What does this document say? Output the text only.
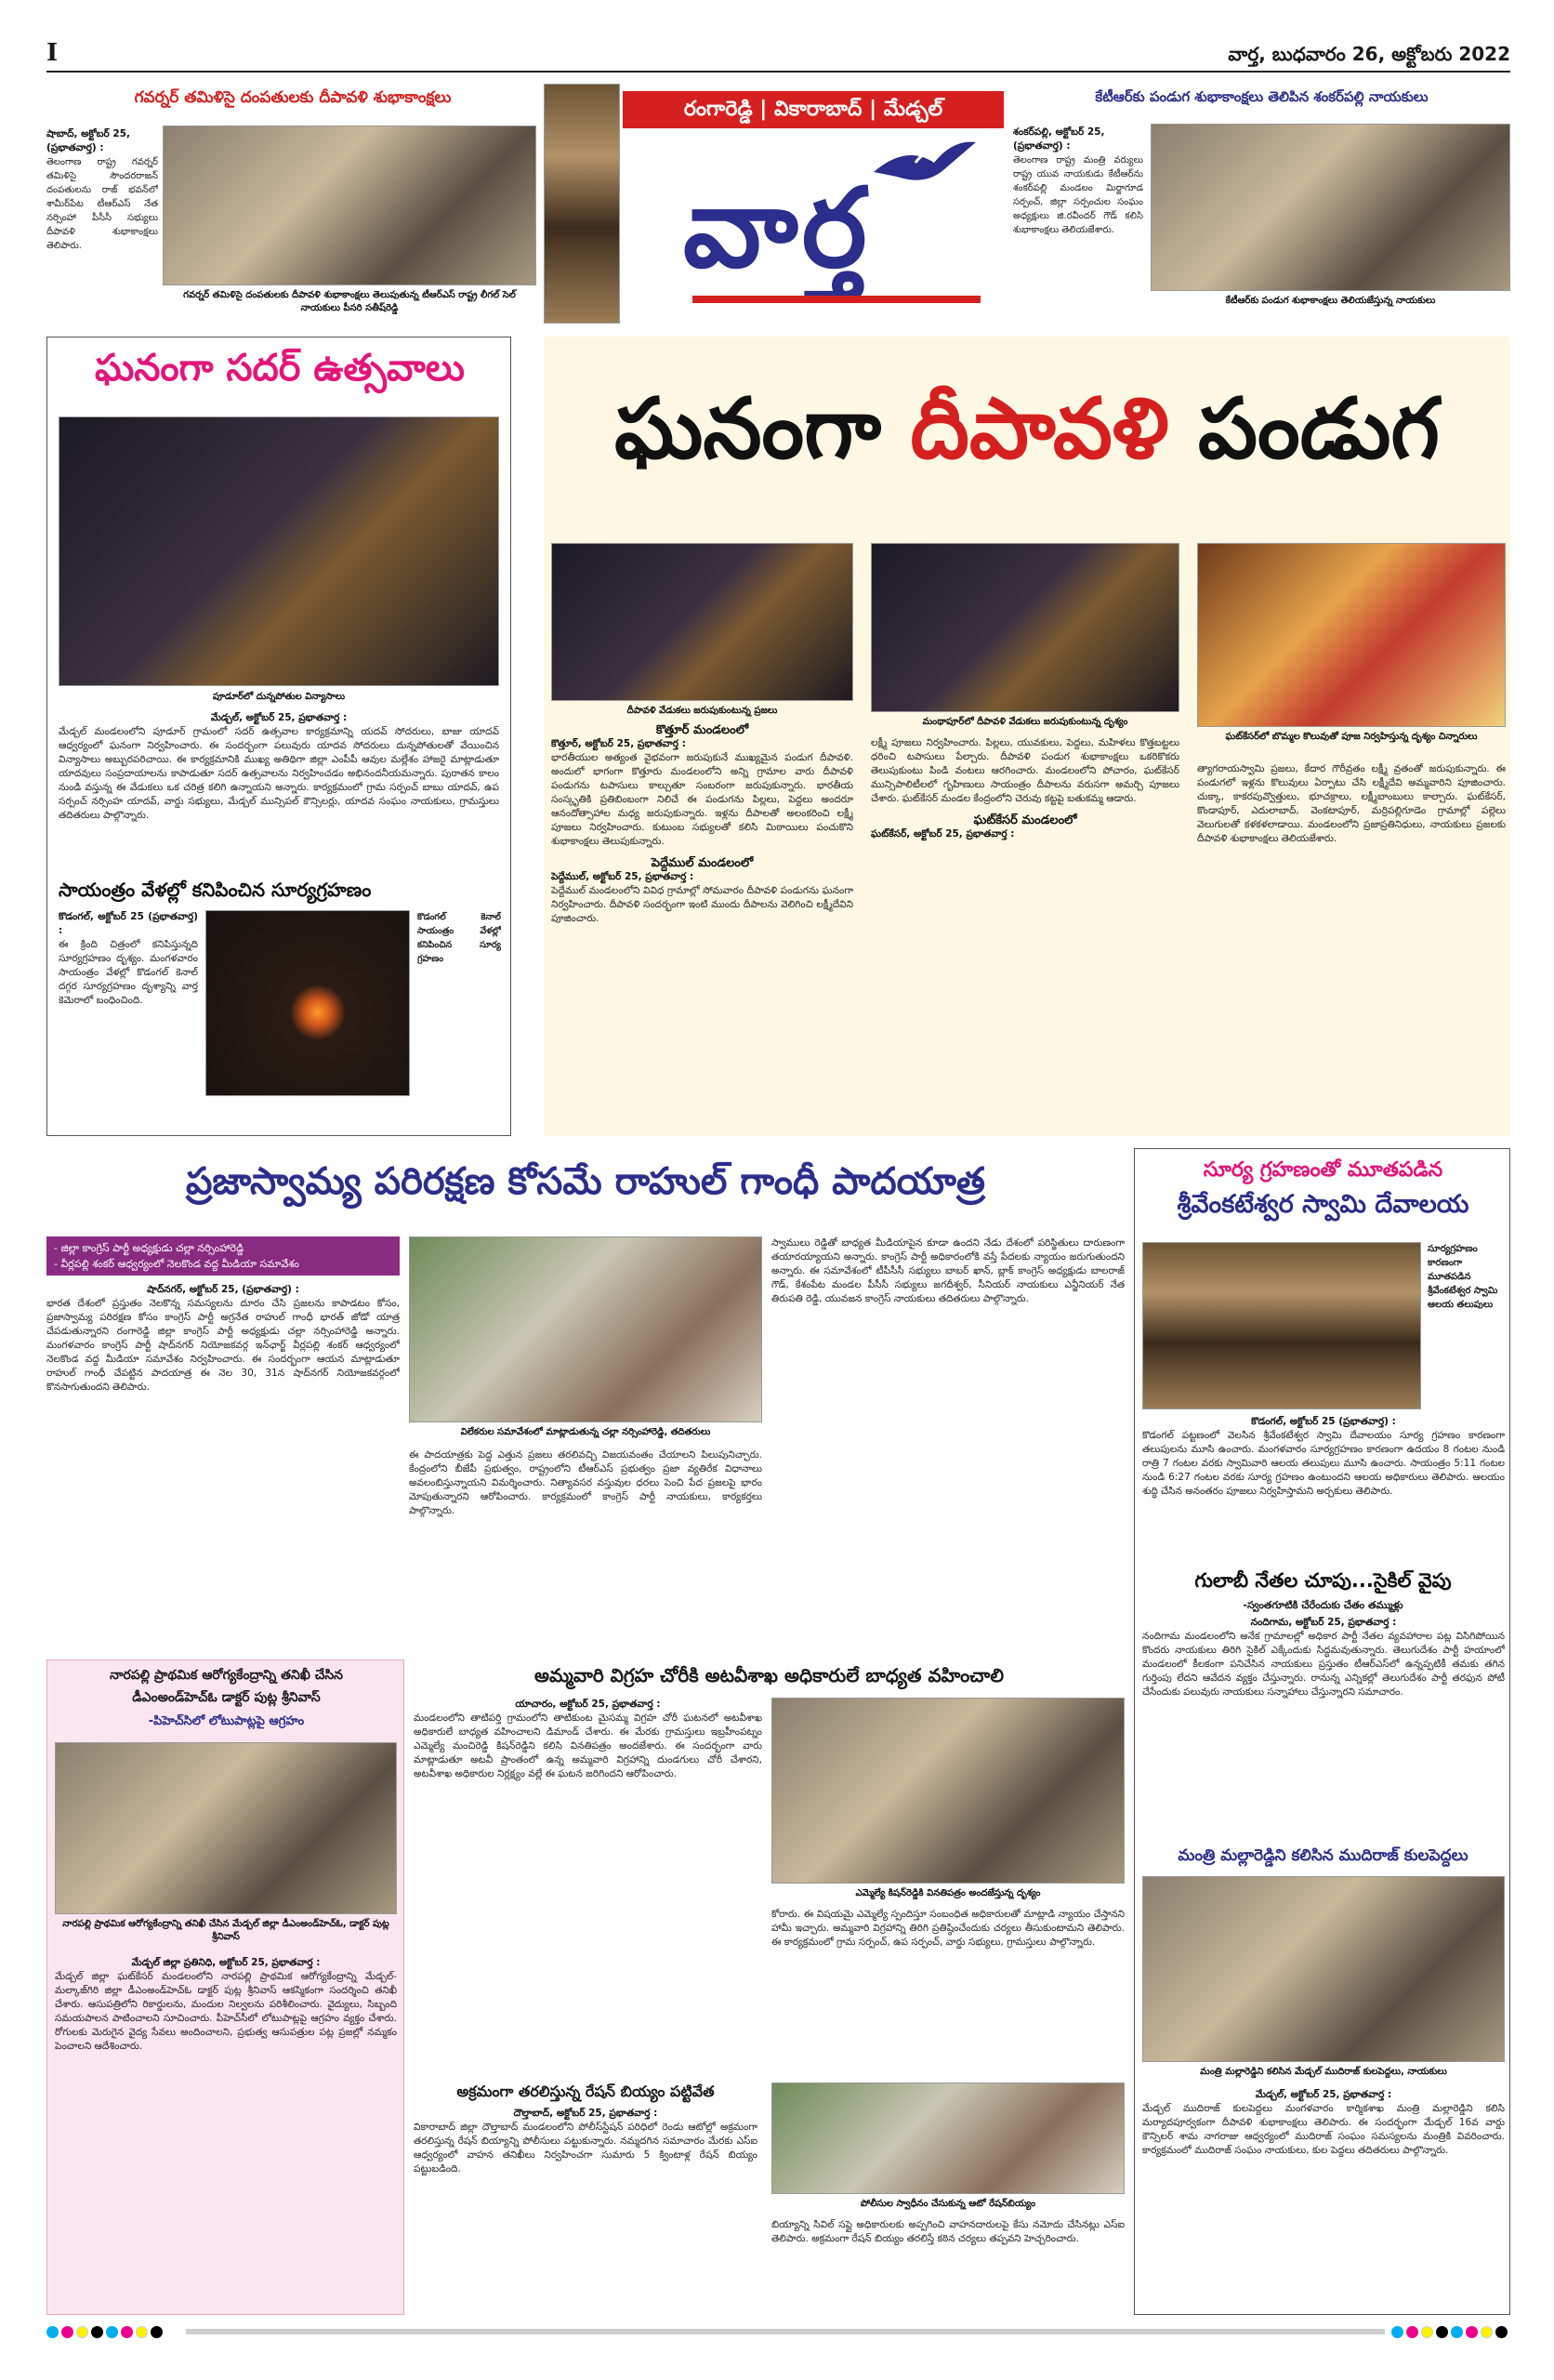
I	వార్త, బుధవారం 26, అక్టోబరు 2022
గవర్నర్ తమిళిసై దంపతులకు దీపావళి శుభాకాంక్షలు
షాబాద్, అక్టోబర్ 25,
(ప్రభాతవార్త) :

తెలంగాణ రాష్ట్ర గవర్నర్ తమిళిసై సౌందరరాజన్ దంపతులను రాజ్ భవన్‌లో శామీర్‌పేట టీఆర్ఎస్ నేత నర్సింహా పీసీసీ సభ్యులు దీపావళి శుభాకాంక్షలు తెలిపారు.

గవర్నర్ తమిళిసై దంపతులకు దీపావళి శుభాకాంక్షలు తెలుపుతున్న టీఆర్ఎస్ రాష్ట్ర లీగల్ సెల్ నాయకులు పీసరి సతీష్‌రెడ్డి
రంగారెడ్డి | వికారాబాద్ | మేడ్చల్
వార్త
కేటీఆర్‌కు పండుగ శుభాకాంక్షలు తెలిపిన శంకర్‌పల్లి నాయకులు
శంకర్‌పల్లి, అక్టోబర్ 25,
(ప్రభాతవార్త) :

తెలంగాణ రాష్ట్ర మంత్రి వర్యులు రాష్ట్ర యువ నాయకుడు కేటీఆర్‌ను శంకర్‌పల్లి మండలం మిర్జాగూడ సర్పంచ్, జిల్లా సర్పంచుల సంఘం అధ్యక్షులు జి.రవీందర్ గౌడ్ కలిసి శుభాకాంక్షలు తెలియజేశారు.

కేటీఆర్‌కు పండుగ శుభాకాంక్షలు తెలియజేస్తున్న నాయకులు
ఘనంగా సదర్ ఉత్సవాలు
పూడూర్‌లో దున్నపోతుల విన్యాసాలు
మేడ్చల్, అక్టోబర్ 25, ప్రభాతవార్త :

మేడ్చల్ మండలంలోని పూడూర్ గ్రామంలో సదర్ ఉత్సవాల కార్యక్రమాన్ని యదవ్ సోదరులు, బాజు యాదవ్ ఆధ్వర్యంలో ఘనంగా నిర్వహించారు. ఈ సందర్భంగా పలువురు యాదవ సోదరులు దున్నపోతులతో వేయించిన విన్యాసాలు అబ్బురపరిచాయి. ఈ కార్యక్రమానికి ముఖ్య అతిథిగా జిల్లా ఎంపీపీ ఆవుల మల్లేశం హాజరై మాట్లాడుతూ యాదవులు సంప్రదాయాలను కాపాడుతూ సదర్ ఉత్సవాలను నిర్వహించడం అభినందనీయమన్నారు. పురాతన కాలం నుండి వస్తున్న ఈ వేడుకలు ఒక చరిత్ర కలిగి ఉన్నాయని అన్నారు. కార్యక్రమంలో గ్రామ సర్పంచ్ బాబు యాదవ్, ఉప సర్పంచ్ నర్సింహ యాదవ్, వార్డు సభ్యులు, మేడ్చల్ మున్సిపల్ కౌన్సిలర్లు, యాదవ సంఘం నాయకులు, గ్రామస్తులు తదితరులు పాల్గొన్నారు.

సాయంత్రం వేళల్లో కనిపించిన సూర్యగ్రహణం
కొడంగల్, అక్టోబర్ 25 (ప్రభాతవార్త) :

ఈ క్రింది చిత్రంలో కనిపిస్తున్నది సూర్యగ్రహణం దృశ్యం. మంగళవారం సాయంత్రం వేళల్లో కొడంగల్ కెనాల్ దగ్గర సూర్యగ్రహణం దృశ్యాన్ని వార్త కెమెరాలో బంధించింది.

కొడంగల్ కెనాల్ సాయంత్రం వేళల్లో కనిపించిన సూర్య గ్రహణం
ఘనంగా దీపావళి పండుగ
దీపావళి వేడుకలు జరుపుకుంటున్న ప్రజలు
మంథాపూర్‌లో దీపావళి వేడుకలు జరుపుకుంటున్న దృశ్యం
ఘట్‌కేసర్‌లో బొమ్మల కొలువుతో పూజ నిర్వహిస్తున్న దృశ్యం చిన్నారులు
కొత్తూర్ మండలంలో
కొత్తూర్, అక్టోబర్ 25, ప్రభాతవార్త :

భారతీయుల అత్యంత వైభవంగా జరుపుకునే ముఖ్యమైన పండుగ దీపావళి. అందులో భాగంగా కొత్తూరు మండలంలోని అన్ని గ్రామాల వారు దీపావళి పండుగను టపాసులు కాల్చుతూ సంబరంగా జరుపుకున్నారు. భారతీయ సంస్కృతికి ప్రతిబింబంగా నిలిచే ఈ పండుగను పిల్లలు, పెద్దలు అందరూ ఆనందోత్సాహాల మధ్య జరుపుకున్నారు. ఇళ్లను దీపాలతో అలంకరించి లక్ష్మీ పూజలు నిర్వహించారు. కుటుంబ సభ్యులతో కలిసి మిఠాయిలు పంచుకొని శుభాకాంక్షలు తెలుపుకున్నారు.

పెద్దేముల్ మండలంలో
పెద్దేముల్, అక్టోబర్ 25, ప్రభాతవార్త :

పెద్దేముల్ మండలంలోని వివిధ గ్రామాల్లో సోమవారం దీపావళి పండుగను ఘనంగా నిర్వహించారు. దీపావళి సందర్భంగా ఇంటి ముందు దీపాలను వెలిగించి లక్ష్మీదేవిని పూజించారు.

లక్ష్మీ పూజలు నిర్వహించారు. పిల్లలు, యువకులు, పెద్దలు, మహిళలు కొత్తబట్టలు ధరించి టపాసులు పేల్చారు. దీపావళి పండుగ శుభాకాంక్షలు ఒకరికొకరు తెలుపుకుంటు పిండి వంటలు ఆరగించారు. మండలంలోని పోచారం, ఘట్‌కేసర్ మున్సిపాలిటీలలో గృహిణులు సాయంత్రం దీపాలను వరుసగా అమర్చి పూజలు చేశారు. ఘట్‌కేసర్ మండల కేంద్రంలోని చెరువు కట్టపై బతుకమ్మ ఆడారు.

ఘట్‌కేసర్ మండలంలో
ఘట్‌కేసర్, అక్టోబర్ 25, ప్రభాతవార్త :

త్యాగరాయస్వామి ప్రజలు, కేదార గౌరీవ్రతం లక్ష్మీ వ్రతంతో జరుపుకున్నారు. ఈ పండుగలో ఇళ్లను కొలువులు ఏర్పాటు చేసి లక్ష్మీదేవి అమ్మవారిని పూజించారు. చుక్కా, కాకరపువ్వొత్తులు, భూచక్రాలు, లక్ష్మీబాంబులు కాల్చారు. ఘట్‌కేసర్, కొండాపూర్, ఎదులాబాద్, వెంకటాపూర్, మర్రిపల్లిగూడెం గ్రామాల్లో పల్లెలు వెలుగులతో కళకళలాడాయి. మండలంలోని ప్రజాప్రతినిధులు, నాయకులు ప్రజలకు దీపావళి శుభాకాంక్షలు తెలియజేశారు.

ప్రజాస్వామ్య పరిరక్షణ కోసమే రాహుల్ గాంధీ పాదయాత్ర
- జిల్లా కాంగ్రెస్ పార్టీ అధ్యక్షుడు చల్లా నర్సింహారెడ్డి
- వీర్లపల్లి శంకర్ ఆధ్వర్యంలో నెలకొండ వద్ద మీడియా సమావేశం
షాద్‌నగర్, అక్టోబర్ 25, (ప్రభాతవార్త) :

భారత దేశంలో ప్రస్తుతం నెలకొన్న సమస్యలను దూరం చేసి ప్రజలను కాపాడటం కోసం, ప్రజాస్వామ్య పరిరక్షణ కోసం కాంగ్రెస్ పార్టీ అగ్రనేత రాహుల్ గాంధీ భారత్ జోడో యాత్ర చేపడుతున్నారని రంగారెడ్డి జిల్లా కాంగ్రెస్ పార్టీ అధ్యక్షుడు చల్లా నర్సింహారెడ్డి అన్నారు. మంగళవారం కాంగ్రెస్ పార్టీ షాద్‌నగర్ నియోజకవర్గ ఇన్‌ఛార్జ్ వీర్లపల్లి శంకర్ ఆధ్వర్యంలో నెలకొండ వద్ద మీడియా సమావేశం నిర్వహించారు. ఈ సందర్భంగా ఆయన మాట్లాడుతూ రాహుల్ గాంధీ చేపట్టిన పాదయాత్ర ఈ నెల 30, 31న షాద్‌నగర్ నియోజకవర్గంలో కొనసాగుతుందని తెలిపారు.

విలేకరుల సమావేశంలో మాట్లాడుతున్న చల్లా నర్సింహారెడ్డి, తదితరులు

ఈ పాదయాత్రకు పెద్ద ఎత్తున ప్రజలు తరలివచ్చి విజయవంతం చేయాలని పిలుపునిచ్చారు. కేంద్రంలోని బీజేపీ ప్రభుత్వం, రాష్ట్రంలోని టీఆర్ఎస్ ప్రభుత్వం ప్రజా వ్యతిరేక విధానాలు అవలంబిస్తున్నాయని విమర్శించారు. నిత్యావసర వస్తువుల ధరలు పెంచి పేద ప్రజలపై భారం మోపుతున్నారని ఆరోపించారు. కార్యక్రమంలో కాంగ్రెస్ పార్టీ నాయకులు, కార్యకర్తలు పాల్గొన్నారు.

స్వాములు రెడ్డితో బాధ్యత మీడియాపైన కూడా ఉందని నేడు దేశంలో పరిస్థితులు దారుణంగా తయారయ్యాయని అన్నారు. కాంగ్రెస్ పార్టీ అధికారంలోకి వస్తే పేదలకు న్యాయం జరుగుతుందని అన్నారు. ఈ సమావేశంలో టీపీసీసీ సభ్యులు బాబర్ ఖాన్, బ్లాక్ కాంగ్రెస్ అధ్యక్షుడు బాలరాజ్ గౌడ్, కేశంపేట మండల పీసీసీ సభ్యులు జగదీశ్వర్, సీనియర్ నాయకులు ఎన్జీనియర్ నేత తిరుపతి రెడ్డి, యువజన కాంగ్రెస్ నాయకులు తదితరులు పాల్గొన్నారు.

సూర్య గ్రహణంతో మూతపడిన
శ్రీవేంకటేశ్వర స్వామి దేవాలయ
సూర్యగ్రహణం కారణంగా మూతపడిన శ్రీవేంకటేశ్వర స్వామి ఆలయ తలుపులు
కొడంగల్, అక్టోబర్ 25 (ప్రభాతవార్త) :

కొడంగల్ పట్టణంలో వెలసిన శ్రీవేంకటేశ్వర స్వామి దేవాలయం సూర్య గ్రహణం కారణంగా తలుపులను మూసి ఉంచారు. మంగళవారం సూర్యగ్రహణం కారణంగా ఉదయం 8 గంటల నుండి రాత్రి 7 గంటల వరకు స్వామివారి ఆలయ తలుపులు మూసి ఉంచారు. సాయంత్రం 5:11 గంటల నుండి 6:27 గంటల వరకు సూర్య గ్రహణం ఉంటుందని ఆలయ అధికారులు తెలిపారు. ఆలయం శుద్ధి చేసిన అనంతరం పూజలు నిర్వహిస్తామని అర్చకులు తెలిపారు.

గులాబీ నేతల చూపు...సైకిల్ వైపు
-స్వంతగూటికి చేరేందుకు చేతం తమ్ముళ్లు
నందిగామ, అక్టోబర్ 25, ప్రభాతవార్త :

నందిగామ మండలంలోని అనేక గ్రామాలల్లో అధికార పార్టీ నేతల వ్యవహారాల పట్ల విసిగిపోయిన కొందరు నాయకులు తిరిగి సైకిల్ ఎక్కేందుకు సిద్ధమవుతున్నారు. తెలుగుదేశం పార్టీ హయాంలో మండలంలో కీలకంగా పనిచేసిన నాయకులు ప్రస్తుతం టీఆర్ఎస్‌లో ఉన్నప్పటికీ తమకు తగిన గుర్తింపు లేదని ఆవేదన వ్యక్తం చేస్తున్నారు. రానున్న ఎన్నికల్లో తెలుగుదేశం పార్టీ తరఫున పోటీ చేసేందుకు పలువురు నాయకులు సన్నాహాలు చేస్తున్నారని సమాచారం.

మంత్రి మల్లారెడ్డిని కలిసిన ముదిరాజ్ కులపెద్దలు
మంత్రి మల్లారెడ్డిని కలిసిన మేడ్చల్ ముదిరాజ్ కులపెద్దలు, నాయకులు
మేడ్చల్, అక్టోబర్ 25, ప్రభాతవార్త :

మేడ్చల్ ముదిరాజ్ కులపెద్దలు మంగళవారం కార్మికశాఖ మంత్రి మల్లారెడ్డిని కలిసి మర్యాదపూర్వకంగా దీపావళి శుభాకాంక్షలు తెలిపారు. ఈ సందర్భంగా మేడ్చల్ 16వ వార్డు కౌన్సిలర్ శామ నాగరాజు ఆధ్వర్యంలో ముదిరాజ్ సంఘం సమస్యలను మంత్రికి వివరించారు. కార్యక్రమంలో ముదిరాజ్ సంఘం నాయకులు, కుల పెద్దలు తదితరులు పాల్గొన్నారు.

నారపల్లి ప్రాథమిక ఆరోగ్యకేంద్రాన్ని తనిఖీ చేసిన
డీఎంఅండ్‌హెచ్‌ఓ డాక్టర్ పుట్ల శ్రీనివాస్
-పిహెచ్‌సిలో లోటుపాట్లపై ఆగ్రహం
నారపల్లి ప్రాథమిక ఆరోగ్యకేంద్రాన్ని తనిఖీ చేసిన మేడ్చల్ జిల్లా డీఎంఅండ్‌హెచ్‌ఓ, డాక్టర్ పుట్ల శ్రీనివాస్
మేడ్చల్ జిల్లా ప్రతినిధి, అక్టోబర్ 25, ప్రభాతవార్త :

మేడ్చల్ జిల్లా ఘట్‌కేసర్ మండలంలోని నారపల్లి ప్రాథమిక ఆరోగ్యకేంద్రాన్ని మేడ్చల్-మల్కాజ్‌గిరి జిల్లా డీఎంఅండ్‌హెచ్‌ఓ డాక్టర్ పుట్ల శ్రీనివాస్ ఆకస్మికంగా సందర్శించి తనిఖీ చేశారు. ఆసుపత్రిలోని రికార్డులను, మందుల నిల్వలను పరిశీలించారు. వైద్యులు, సిబ్బంది సమయపాలన పాటించాలని సూచించారు. పీహెచ్‌సీలో లోటుపాట్లపై ఆగ్రహం వ్యక్తం చేశారు. రోగులకు మెరుగైన వైద్య సేవలు అందించాలని, ప్రభుత్వ ఆసుపత్రుల పట్ల ప్రజల్లో నమ్మకం పెంచాలని ఆదేశించారు.

అమ్మవారి విగ్రహ చోరీకి అటవీశాఖ అధికారులే బాధ్యత వహించాలి
యాచారం, అక్టోబర్ 25, ప్రభాతవార్త :

మండలంలోని తాటిపర్తి గ్రామంలోని తాటికుంట మైసమ్మ విగ్రహ చోరీ ఘటనలో అటవీశాఖ అధికారులే బాధ్యత వహించాలని డిమాండ్ చేశారు. ఈ మేరకు గ్రామస్తులు ఇబ్రహీంపట్నం ఎమ్మెల్యే మంచిరెడ్డి కిషన్‌రెడ్డిని కలిసి వినతిపత్రం అందజేశారు. ఈ సందర్భంగా వారు మాట్లాడుతూ అటవీ ప్రాంతంలో ఉన్న అమ్మవారి విగ్రహాన్ని దుండగులు చోరీ చేశారని, అటవీశాఖ అధికారుల నిర్లక్ష్యం వల్లే ఈ ఘటన జరిగిందని ఆరోపించారు.

ఎమ్మెల్యే కిషన్‌రెడ్డికి వినతిపత్రం అందజేస్తున్న దృశ్యం

కోరారు. ఈ విషయమై ఎమ్మెల్యే స్పందిస్తూ సంబంధిత అధికారులతో మాట్లాడి న్యాయం చేస్తానని హామీ ఇచ్చారు. అమ్మవారి విగ్రహాన్ని తిరిగి ప్రతిష్ఠించేందుకు చర్యలు తీసుకుంటామని తెలిపారు. ఈ కార్యక్రమంలో గ్రామ సర్పంచ్, ఉప సర్పంచ్, వార్డు సభ్యులు, గ్రామస్తులు పాల్గొన్నారు.

అక్రమంగా తరలిస్తున్న రేషన్ బియ్యం పట్టివేత
దౌల్తాబాద్, అక్టోబర్ 25, ప్రభాతవార్త :

వికారాబాద్ జిల్లా దౌల్తాబాద్ మండలంలోని పోలీస్‌స్టేషన్ పరిధిలో రెండు ఆటోల్లో అక్రమంగా తరలిస్తున్న రేషన్ బియ్యాన్ని పోలీసులు పట్టుకున్నారు. నమ్మదగిన సమాచారం మేరకు ఎస్ఐ ఆధ్వర్యంలో వాహన తనిఖీలు నిర్వహించగా సుమారు 5 క్వింటాళ్ల రేషన్ బియ్యం పట్టుబడింది.

పోలీసుల స్వాధీనం చేసుకున్న ఆటో రేషన్‌బియ్యం

బియ్యాన్ని సివిల్ సప్లై అధికారులకు అప్పగించి వాహనదారులపై కేసు నమోదు చేసినట్లు ఎస్ఐ తెలిపారు. అక్రమంగా రేషన్ బియ్యం తరలిస్తే కఠిన చర్యలు తప్పవని హెచ్చరించారు.
